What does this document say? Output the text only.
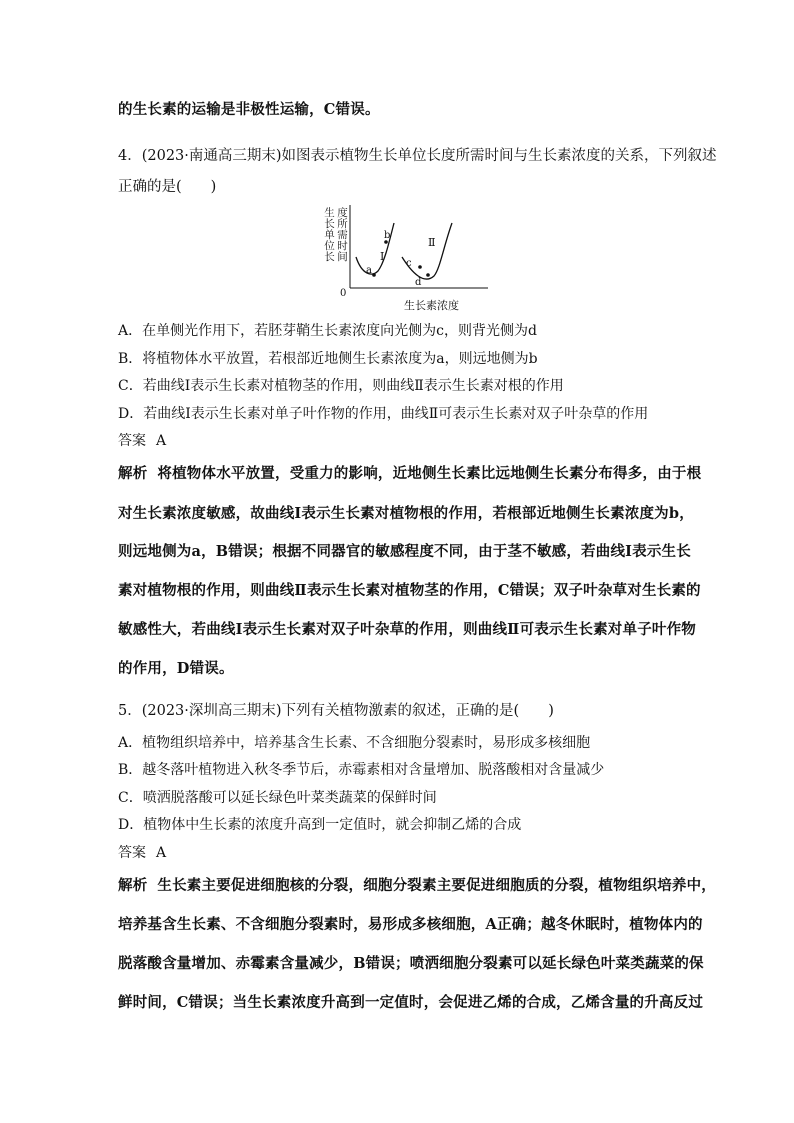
的生长素的运输是非极性运输，C错误。
4．(2023·南通高三期末)如图表示植物生长单位长度所需时间与生长素浓度的关系，下列叙述
正确的是(　　)
生长单位长 度所需时间
0
生长素浓度
a
b
c
d
Ⅰ
Ⅱ
A．在单侧光作用下，若胚芽鞘生长素浓度向光侧为c，则背光侧为d
B．将植物体水平放置，若根部近地侧生长素浓度为a，则远地侧为b
C．若曲线Ⅰ表示生长素对植物茎的作用，则曲线Ⅱ表示生长素对根的作用
D．若曲线Ⅰ表示生长素对单子叶作物的作用，曲线Ⅱ可表示生长素对双子叶杂草的作用
答案 A
解析 将植物体水平放置，受重力的影响，近地侧生长素比远地侧生长素分布得多，由于根
对生长素浓度敏感，故曲线Ⅰ表示生长素对植物根的作用，若根部近地侧生长素浓度为b，
则远地侧为a，B错误；根据不同器官的敏感程度不同，由于茎不敏感，若曲线Ⅰ表示生长
素对植物根的作用，则曲线Ⅱ表示生长素对植物茎的作用，C错误；双子叶杂草对生长素的
敏感性大，若曲线Ⅰ表示生长素对双子叶杂草的作用，则曲线Ⅱ可表示生长素对单子叶作物
的作用，D错误。
5．(2023·深圳高三期末)下列有关植物激素的叙述，正确的是(　　)
A．植物组织培养中，培养基含生长素、不含细胞分裂素时，易形成多核细胞
B．越冬落叶植物进入秋冬季节后，赤霉素相对含量增加、脱落酸相对含量减少
C．喷洒脱落酸可以延长绿色叶菜类蔬菜的保鲜时间
D．植物体中生长素的浓度升高到一定值时，就会抑制乙烯的合成
答案 A
解析 生长素主要促进细胞核的分裂，细胞分裂素主要促进细胞质的分裂，植物组织培养中，
培养基含生长素、不含细胞分裂素时，易形成多核细胞，A正确；越冬休眠时，植物体内的
脱落酸含量增加、赤霉素含量减少，B错误；喷洒细胞分裂素可以延长绿色叶菜类蔬菜的保
鲜时间，C错误；当生长素浓度升高到一定值时，会促进乙烯的合成，乙烯含量的升高反过
